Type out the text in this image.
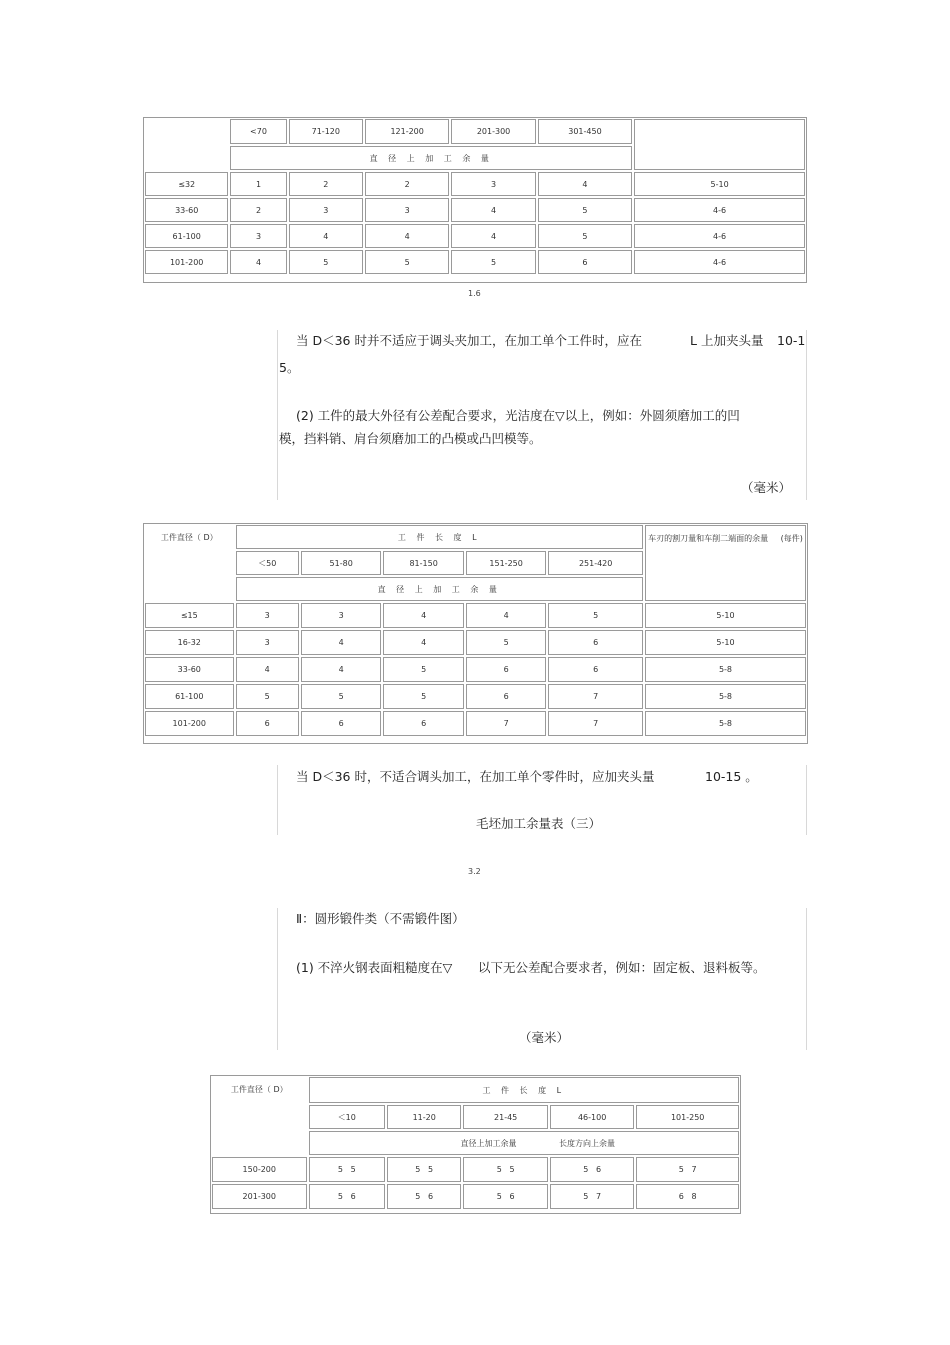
	<70	71-120	121-200	201-300	301-450	
	直 径 上 加 工 余 量					
≤32	1	2	2	3	4	5-10
33-60	2	3	3	4	5	4-6
61-100	3	4	4	4	5	4-6
101-200	4	5	5	5	6	4-6
1.6
当 D＜36 时并不适应于调头夹加工，在加工单个工件时，应在	L 上加夹头量 10-1
5。
(2) 工件的最大外径有公差配合要求，光洁度在▽以上，例如：外圆须磨加工的凹
模，挡料销、肩台须磨加工的凸模或凸凹模等。
（毫米）
工件直径（ D）	工 件 长 度 L					车刃的割刀量和车削二端面的余量 (每件)
	＜50	51-80	81-150	151-250	251-420	
	直 径 上 加 工 余 量					
≤15	3	3	4	4	5	5-10
16-32	3	4	4	5	6	5-10
33-60	4	4	5	6	6	5-8
61-100	5	5	5	6	7	5-8
101-200	6	6	6	7	7	5-8
当 D＜36 时，不适合调头加工，在加工单个零件时，应加夹头量	10-15 。
毛坯加工余量表（三）
3.2
Ⅱ：圆形锻件类（不需锻件图）
(1) 不淬火钢表面粗糙度在▽ 以下无公差配合要求者，例如：固定板、退料板等。
（毫米）
工件直径（ D）	工 件 长 度 L				
	＜10	11-20	21-45	46-100	101-250
	直径上加工余量 长度方向上余量				
150-200	5   5	5   5	5   5	5   6	5   7
201-300	5   6	5   6	5   6	5   7	6   8
